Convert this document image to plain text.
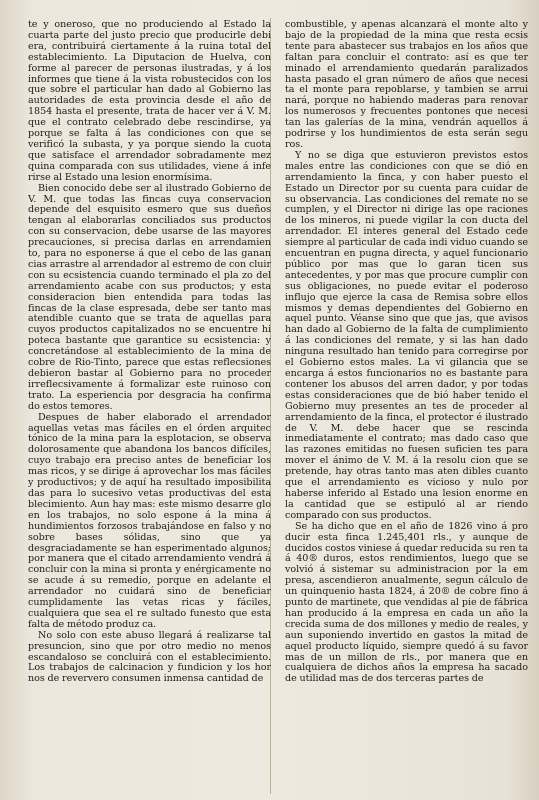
te y oneroso, que no produciendo al Estado la cuarta parte del justo precio que producirle debi era, contribuirá ciertamente á la ruina total del establecimiento. La Diputacion de Huelva, con forme al parecer de personas ilustradas, y á los informes que tiene á la vista robustecidos con los que sobre el particular han dado al Gobierno las autoridades de esta provincia desde el año de 1854 hasta el presente, trata de hacer ver á V. M. que el contrato celebrado debe rescindirse, ya porque se falta á las condiciones con que se verificó la subasta, y ya porque siendo la cuota que satisface el arrendador sobradamente mez quina comparada con sus utilidades, viene á infe rirse al Estado una lesion enormísima.

Bien conocido debe ser al ilustrado Gobierno de V. M. que todas las fincas cuya conservacion depende del esquisito esmero que sus dueños tengan al elaborarlas conciliados sus productos con su conservacion, debe usarse de las mayores precauciones, si precisa darlas en arrendamien to, para no esponerse á que el cebo de las ganan cias arrastre al arrendador al estremo de con cluir con su ecsistencia cuando terminado el pla zo del arrendamiento acabe con sus productos; y esta consideracion bien entendida para todas las fincas de la clase espresada, debe ser tanto mas atendible cuanto que se trata de aquellas para cuyos productos capitalizados no se encuentre hi poteca bastante que garantice su ecsistencia: y concretándose al establecimiento de la mina de cobre de Rio-Tinto, parece que estas reflecsiones debieron bastar al Gobierno para no proceder irreflecsivamente á formalizar este ruinoso con trato. La esperiencia por desgracia ha confirma do estos temores.

Despues de haber elaborado el arrendador aquellas vetas mas fáciles en el órden arquitec tónico de la mina para la esplotacion, se observa dolorosamente que abandona los bancos difíciles, cuyo trabajo era preciso antes de beneficiar los mas ricos, y se dirige á aprovechar los mas fáciles y productivos; y de aquí ha resultado imposibilita das para lo sucesivo vetas productivas del esta blecimiento. Aun hay mas: este mismo desarre glo en los trabajos, no solo espone á la mina á hundimientos forzosos trabajándose en falso y no sobre bases sólidas, sino que ya desgraciadamente se han esperimentado algunos; por manera que el citado arrendamiento vendrá á concluir con la mina si pronta y enérgicamente no se acude á su remedio, porque en adelante el arrendador no cuidará sino de beneficiar cumplidamente las vetas ricas y fáciles, cualquiera que sea el re sultado funesto que esta falta de método produz ca.

No solo con este abuso llegará á realizarse tal presuncion, sino que por otro medio no menos escandaloso se concluirá con el establecimiento. Los trabajos de calcinacion y fundicion y los hor nos de reververo consumen inmensa cantidad de

combustible, y apenas alcanzará el monte alto y bajo de la propiedad de la mina que resta ecsis tente para abastecer sus trabajos en los años que faltan para concluir el contrato: así es que ter minado el arrendamiento quedarán paralizados hasta pasado el gran número de años que necesi ta el monte para repoblarse, y tambien se arrui nará, porque no habiendo maderas para renovar los numerosos y frecuentes pontones que necesi tan las galerías de la mina, vendrán aquellos á podrirse y los hundimientos de esta serán segu ros.

Y no se diga que estuvieron previstos estos males entre las condiciones con que se dió en arrendamiento la finca, y con haber puesto el Estado un Director por su cuenta para cuidar de su observancia. Las condiciones del remate no se cumplen, y el Director ni dirige las ope raciones de los mineros, ni puede vigilar la con ducta del arrendador. El interes general del Estado cede siempre al particular de cada indi viduo cuando se encuentran en pugna directa, y aquel funcionario público por mas que lo garan ticen sus antecedentes, y por mas que procure cumplir con sus obligaciones, no puede evitar el poderoso influjo que ejerce la casa de Remisa sobre ellos mismos y demas dependientes del Gobierno en aquel punto. Véanse sino que que jas, que avisos han dado al Gobierno de la falta de cumplimiento á las condiciones del remate, y si las han dado ninguna resultado han tenido para corregirse por el Gobierno estos males. La vi gilancia que se encarga á estos funcionarios no es bastante para contener los abusos del arren dador, y por todas estas consideraciones que de bió haber tenido el Gobierno muy presentes an tes de proceder al arrendamiento de la finca, el protector é ilustrado de V. M. debe hacer que se rescinda inmediatamente el contrato; mas dado caso que las razones emitidas no fuesen suficien tes para mover el ánimo de V. M. á la resolu cion que se pretende, hay otras tanto mas aten dibles cuanto que el arrendamiento es vicioso y nulo por haberse inferido al Estado una lesion enorme en la cantidad que se estipuló al ar riendo comparado con sus productos.

Se ha dicho que en el año de 1826 vino á pro ducir esta finca 1.245,401 rls., y aunque de ducidos costos viniese á quedar reducida su ren ta á 40® duros, estos rendimientos, luego que se volvió á sistemar su administracion por la em presa, ascendieron anualmente, segun cálculo de un quinquenio hasta 1824, á 20® de cobre fino á punto de martinete, que vendidas al pie de fábrica han producido á la empresa en cada un año la crecida suma de dos millones y medio de reales, y aun suponiendo invertido en gastos la mitad de aquel producto líquido, siempre quedó á su favor mas de un millon de rls., por manera que en cualquiera de dichos años la empresa ha sacado de utilidad mas de dos terceras partes de
